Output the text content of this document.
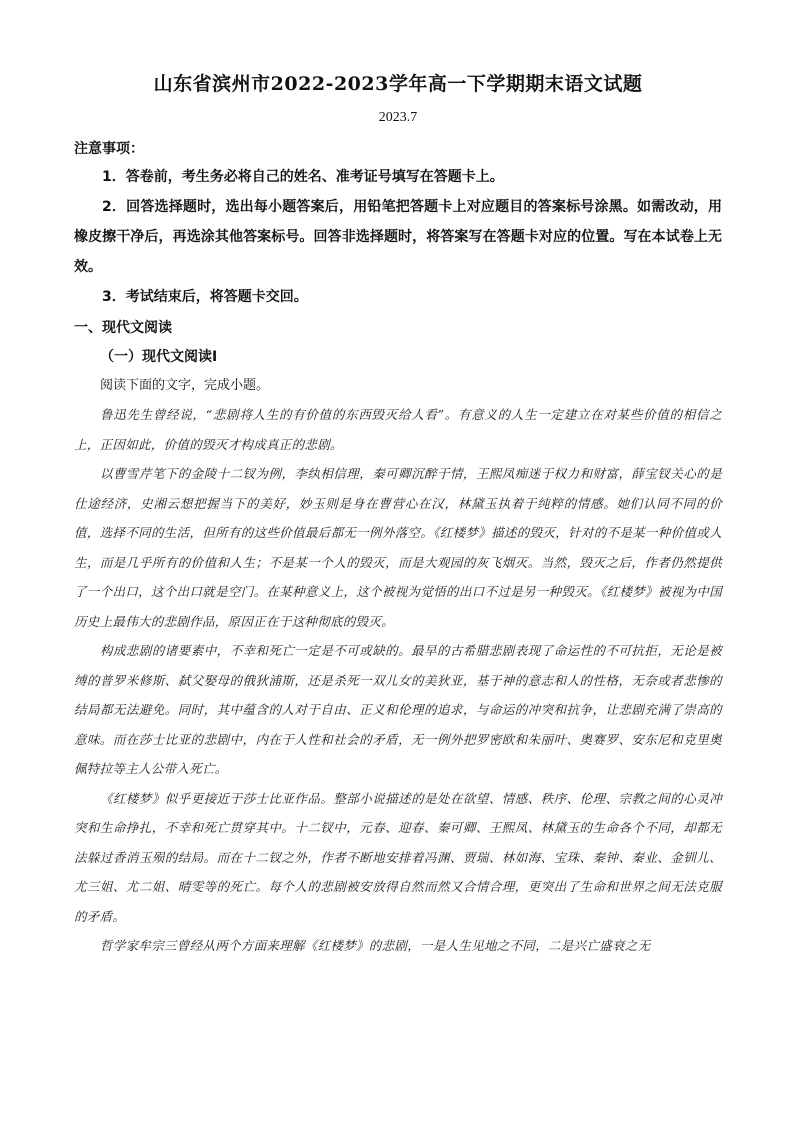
山东省滨州市2022-2023学年高一下学期期末语文试题
2023.7
注意事项：

1．答卷前，考生务必将自己的姓名、准考证号填写在答题卡上。

2．回答选择题时，选出每小题答案后，用铅笔把答题卡上对应题目的答案标号涂黑。如需改动，用橡皮擦干净后，再选涂其他答案标号。回答非选择题时，将答案写在答题卡对应的位置。写在本试卷上无效。

3．考试结束后，将答题卡交回。

一、现代文阅读
（一）现代文阅读Ⅰ
阅读下面的文字，完成小题。

鲁迅先生曾经说，“悲剧将人生的有价值的东西毁灭给人看”。有意义的人生一定建立在对某些价值的相信之上，正因如此，价值的毁灭才构成真正的悲剧。

以曹雪芹笔下的金陵十二钗为例，李纨相信理，秦可卿沉醉于情，王熙凤痴迷于权力和财富，薛宝钗关心的是仕途经济，史湘云想把握当下的美好，妙玉则是身在曹营心在汉，林黛玉执着于纯粹的情感。她们认同不同的价值，选择不同的生活，但所有的这些价值最后都无一例外落空。《红楼梦》描述的毁灭，针对的不是某一种价值或人生，而是几乎所有的价值和人生；不是某一个人的毁灭，而是大观园的灰飞烟灭。当然，毁灭之后，作者仍然提供了一个出口，这个出口就是空门。在某种意义上，这个被视为觉悟的出口不过是另一种毁灭。《红楼梦》被视为中国历史上最伟大的悲剧作品，原因正在于这种彻底的毁灭。

构成悲剧的诸要素中，不幸和死亡一定是不可或缺的。最早的古希腊悲剧表现了命运性的不可抗拒，无论是被缚的普罗米修斯、弑父娶母的俄狄浦斯，还是杀死一双儿女的美狄亚，基于神的意志和人的性格，无奈或者悲惨的结局都无法避免。同时，其中蕴含的人对于自由、正义和伦理的追求，与命运的冲突和抗争，让悲剧充满了崇高的意味。而在莎士比亚的悲剧中，内在于人性和社会的矛盾，无一例外把罗密欧和朱丽叶、奥赛罗、安东尼和克里奥佩特拉等主人公带入死亡。

《红楼梦》似乎更接近于莎士比亚作品。整部小说描述的是处在欲望、情感、秩序、伦理、宗教之间的心灵冲突和生命挣扎，不幸和死亡贯穿其中。十二钗中，元春、迎春、秦可卿、王熙凤、林黛玉的生命各个不同，却都无法躲过香消玉殒的结局。而在十二钗之外，作者不断地安排着冯渊、贾瑞、林如海、宝珠、秦钟、秦业、金钏儿、尤三姐、尤二姐、晴雯等的死亡。每个人的悲剧被安放得自然而然又合情合理，更突出了生命和世界之间无法克服的矛盾。

哲学家牟宗三曾经从两个方面来理解《红楼梦》的悲剧，一是人生见地之不同，二是兴亡盛衰之无
